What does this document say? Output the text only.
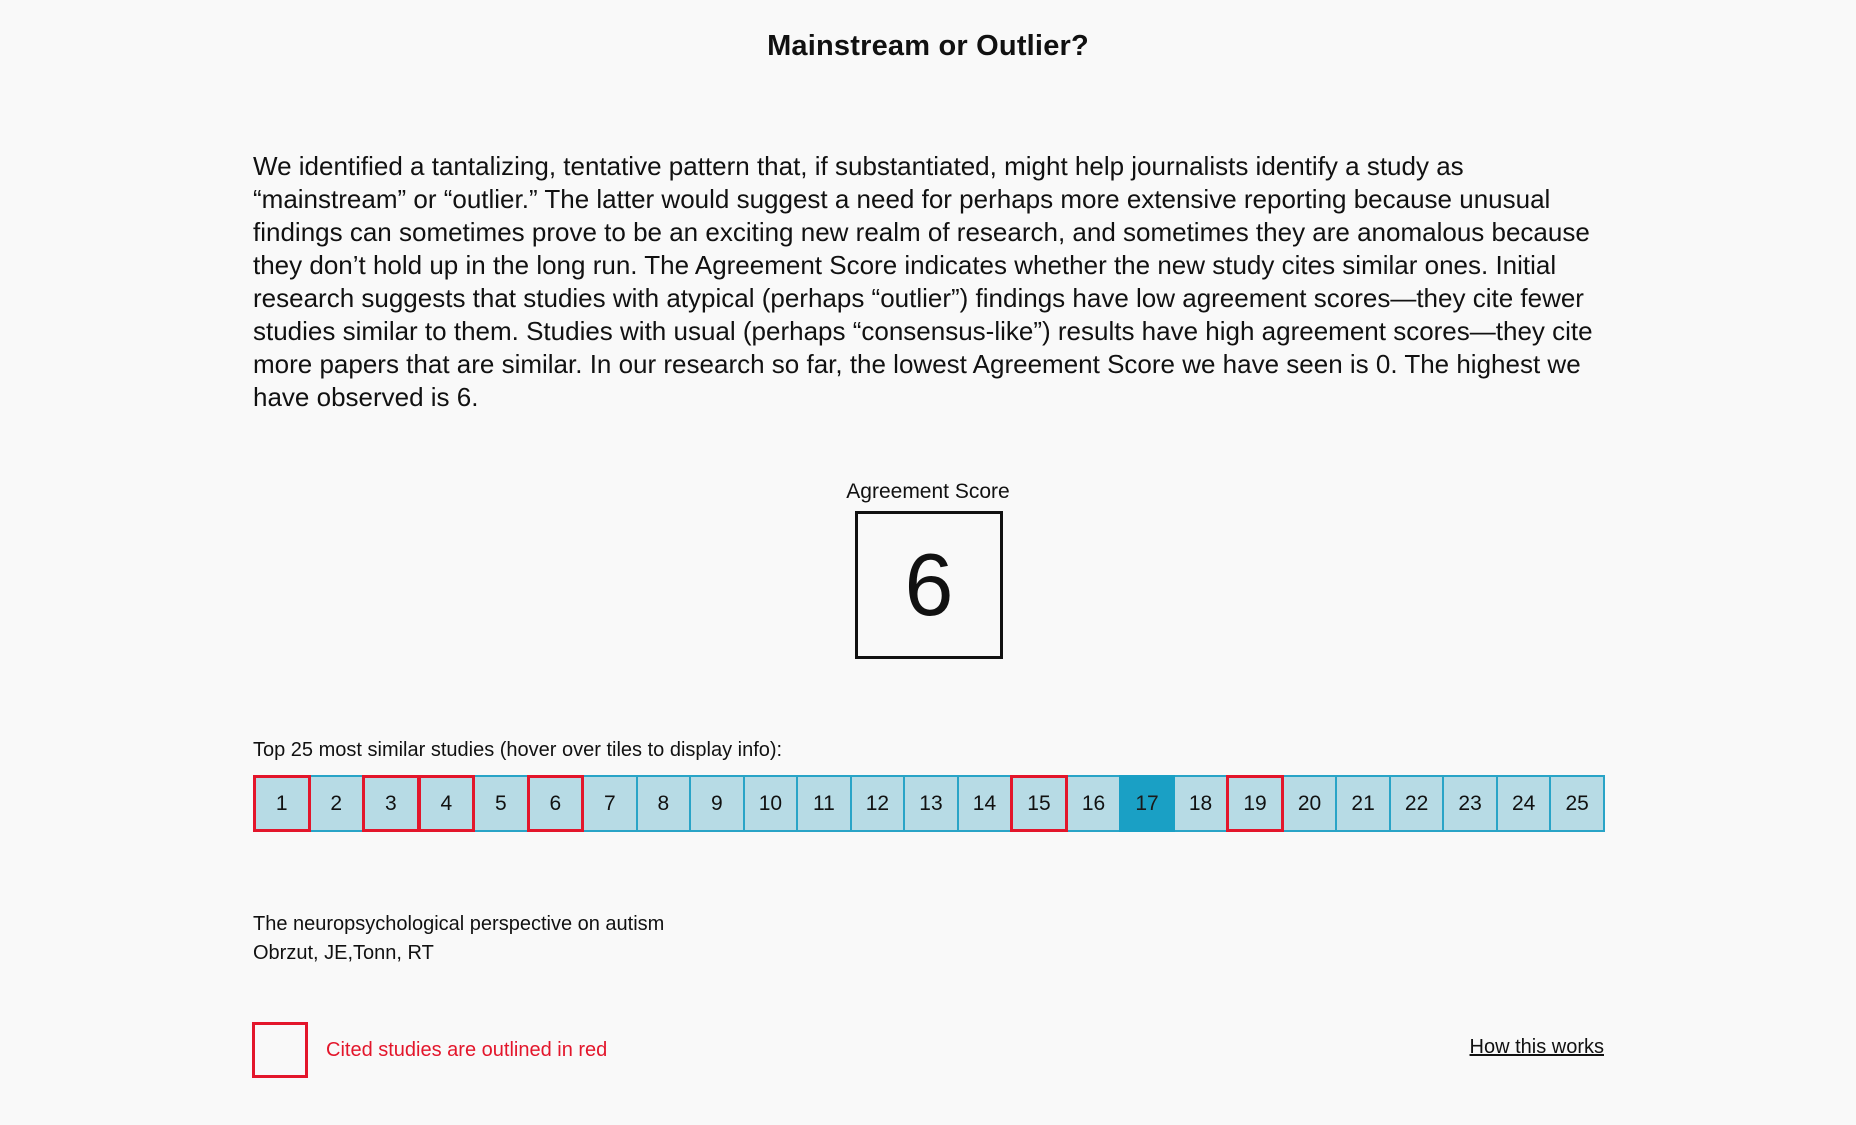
Mainstream or Outlier?

We identified a tantalizing, tentative pattern that, if substantiated, might help journalists identify a study as “mainstream” or “outlier.” The latter would suggest a need for perhaps more extensive reporting because unusual findings can sometimes prove to be an exciting new realm of research, and sometimes they are anomalous because they don’t hold up in the long run. The Agreement Score indicates whether the new study cites similar ones. Initial research suggests that studies with atypical (perhaps “outlier”) findings have low agreement scores—they cite fewer studies similar to them. Studies with usual (perhaps “consensus-like”) results have high agreement scores—they cite more papers that are similar. In our research so far, the lowest Agreement Score we have seen is 0. The highest we have observed is 6.

Agreement Score
6
Top 25 most similar studies (hover over tiles to display info):
1	2	3	4	5	6	7	8	9	10	11	12	13	14	15	16	17	18	19	20	21	22	23	24	25
The neuropsychological perspective on autism
Obrzut, JE,Tonn, RT
Cited studies are outlined in red	How this works
